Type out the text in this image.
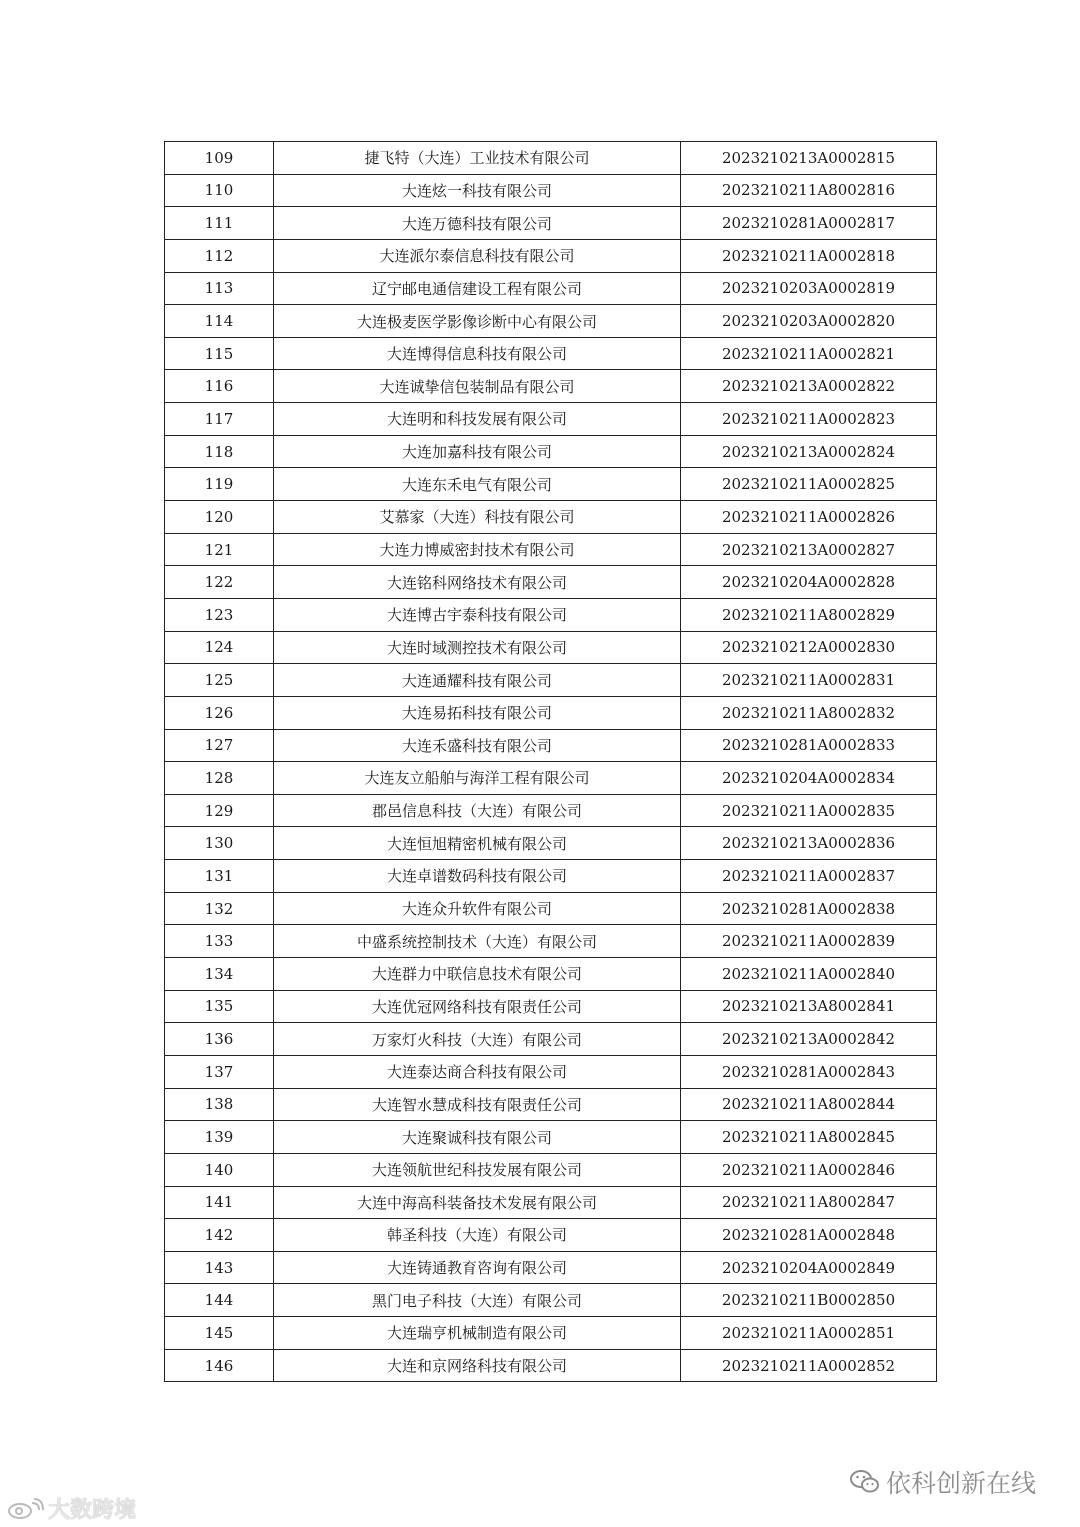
109	捷飞特（大连）工业技术有限公司	2023210213A0002815
110	大连炫一科技有限公司	2023210211A8002816
111	大连万德科技有限公司	2023210281A0002817
112	大连派尔泰信息科技有限公司	2023210211A0002818
113	辽宁邮电通信建设工程有限公司	2023210203A0002819
114	大连极麦医学影像诊断中心有限公司	2023210203A0002820
115	大连博得信息科技有限公司	2023210211A0002821
116	大连诚挚信包装制品有限公司	2023210213A0002822
117	大连明和科技发展有限公司	2023210211A0002823
118	大连加嘉科技有限公司	2023210213A0002824
119	大连东禾电气有限公司	2023210211A0002825
120	艾慕家（大连）科技有限公司	2023210211A0002826
121	大连力博威密封技术有限公司	2023210213A0002827
122	大连铭科网络技术有限公司	2023210204A0002828
123	大连博古宇泰科技有限公司	2023210211A8002829
124	大连时域测控技术有限公司	2023210212A0002830
125	大连通耀科技有限公司	2023210211A0002831
126	大连易拓科技有限公司	2023210211A8002832
127	大连禾盛科技有限公司	2023210281A0002833
128	大连友立船舶与海洋工程有限公司	2023210204A0002834
129	郡邑信息科技（大连）有限公司	2023210211A0002835
130	大连恒旭精密机械有限公司	2023210213A0002836
131	大连卓谱数码科技有限公司	2023210211A0002837
132	大连众升软件有限公司	2023210281A0002838
133	中盛系统控制技术（大连）有限公司	2023210211A0002839
134	大连群力中联信息技术有限公司	2023210211A0002840
135	大连优冠网络科技有限责任公司	2023210213A8002841
136	万家灯火科技（大连）有限公司	2023210213A0002842
137	大连泰达商合科技有限公司	2023210281A0002843
138	大连智水慧成科技有限责任公司	2023210211A8002844
139	大连聚诚科技有限公司	2023210211A8002845
140	大连领航世纪科技发展有限公司	2023210211A0002846
141	大连中海高科装备技术发展有限公司	2023210211A8002847
142	韩圣科技（大连）有限公司	2023210281A0002848
143	大连铸通教育咨询有限公司	2023210204A0002849
144	黑门电子科技（大连）有限公司	2023210211B0002850
145	大连瑞亨机械制造有限公司	2023210211A0002851
146	大连和京网络科技有限公司	2023210211A0002852
大数跨境
依科创新在线
